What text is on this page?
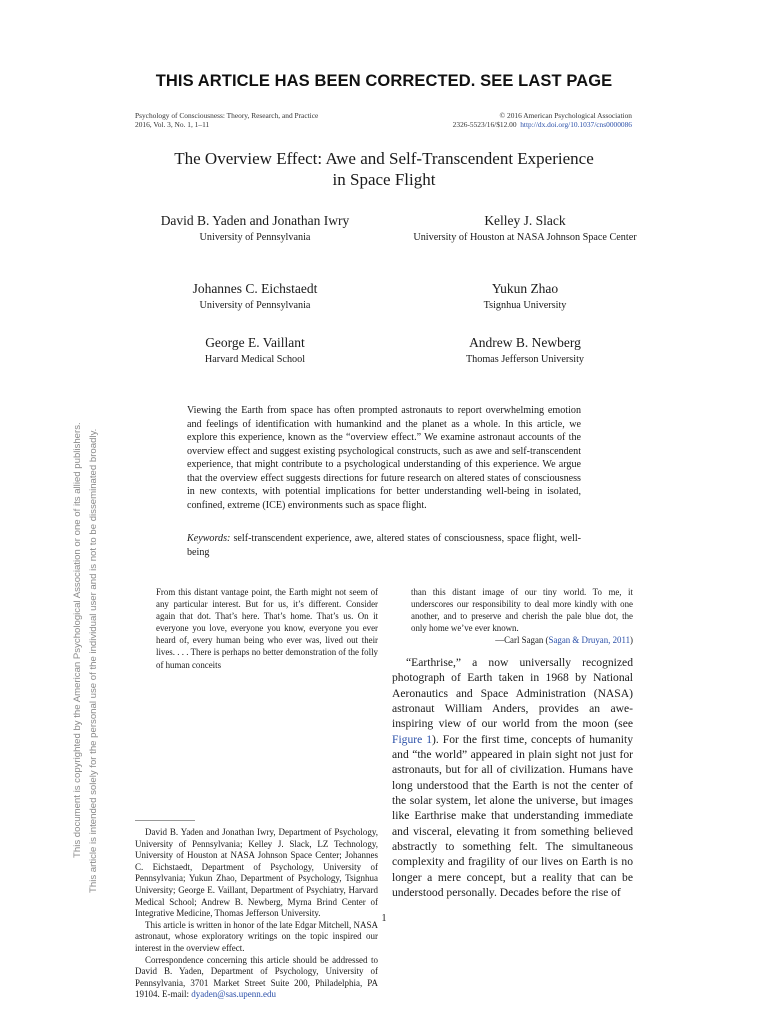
THIS ARTICLE HAS BEEN CORRECTED. SEE LAST PAGE
Psychology of Consciousness: Theory, Research, and Practice
2016, Vol. 3, No. 1, 1–11
© 2016 American Psychological Association
2326-5523/16/$12.00 http://dx.doi.org/10.1037/cns0000086
The Overview Effect: Awe and Self-Transcendent Experience
in Space Flight
David B. Yaden and Jonathan Iwry
University of Pennsylvania
Kelley J. Slack
University of Houston at NASA Johnson Space Center
Johannes C. Eichstaedt
University of Pennsylvania
Yukun Zhao
Tsignhua University
George E. Vaillant
Harvard Medical School
Andrew B. Newberg
Thomas Jefferson University
Viewing the Earth from space has often prompted astronauts to report overwhelming emotion and feelings of identification with humankind and the planet as a whole. In this article, we explore this experience, known as the “overview effect.” We examine astronaut accounts of the overview effect and suggest existing psychological constructs, such as awe and self-transcendent experience, that might contribute to a psychological understanding of this experience. We argue that the overview effect suggests directions for future research on altered states of consciousness in new contexts, with potential implications for better understanding well-being in isolated, confined, extreme (ICE) environments such as space flight.
Keywords: self-transcendent experience, awe, altered states of consciousness, space flight, well-being

From this distant vantage point, the Earth might not seem of any particular interest. But for us, it’s different. Consider again that dot. That’s here. That’s home. That’s us. On it everyone you love, everyone you know, everyone you ever heard of, every human being who ever was, lived out their lives. . . . There is perhaps no better demonstration of the folly of human conceits

than this distant image of our tiny world. To me, it underscores our responsibility to deal more kindly with one another, and to preserve and cherish the pale blue dot, the only home we’ve ever known.

—Carl Sagan (Sagan & Druyan, 2011)

“Earthrise,” a now universally recognized photograph of Earth taken in 1968 by National Aeronautics and Space Administration (NASA) astronaut William Anders, provides an awe-inspiring view of our world from the moon (see Figure 1). For the first time, concepts of humanity and “the world” appeared in plain sight not just for astronauts, but for all of civilization. Humans have long understood that the Earth is not the center of the solar system, let alone the universe, but images like Earthrise make that understanding immediate and visceral, elevating it from something believed abstractly to something felt. The simultaneous complexity and fragility of our lives on Earth is no longer a mere concept, but a reality that can be understood personally. Decades before the rise of

David B. Yaden and Jonathan Iwry, Department of Psychology, University of Pennsylvania; Kelley J. Slack, LZ Technology, University of Houston at NASA Johnson Space Center; Johannes C. Eichstaedt, Department of Psychology, University of Pennsylvania; Yukun Zhao, Department of Psychology, Tsignhua University; George E. Vaillant, Department of Psychiatry, Harvard Medical School; Andrew B. Newberg, Myrna Brind Center of Integrative Medicine, Thomas Jefferson University.

This article is written in honor of the late Edgar Mitchell, NASA astronaut, whose exploratory writings on the topic inspired our interest in the overview effect.

Correspondence concerning this article should be addressed to David B. Yaden, Department of Psychology, University of Pennsylvania, 3701 Market Street Suite 200, Philadelphia, PA 19104. E-mail: dyaden@sas.upenn.edu

This document is copyrighted by the American Psychological Association or one of its allied publishers. This article is intended solely for the personal use of the individual user and is not to be disseminated broadly.
1
